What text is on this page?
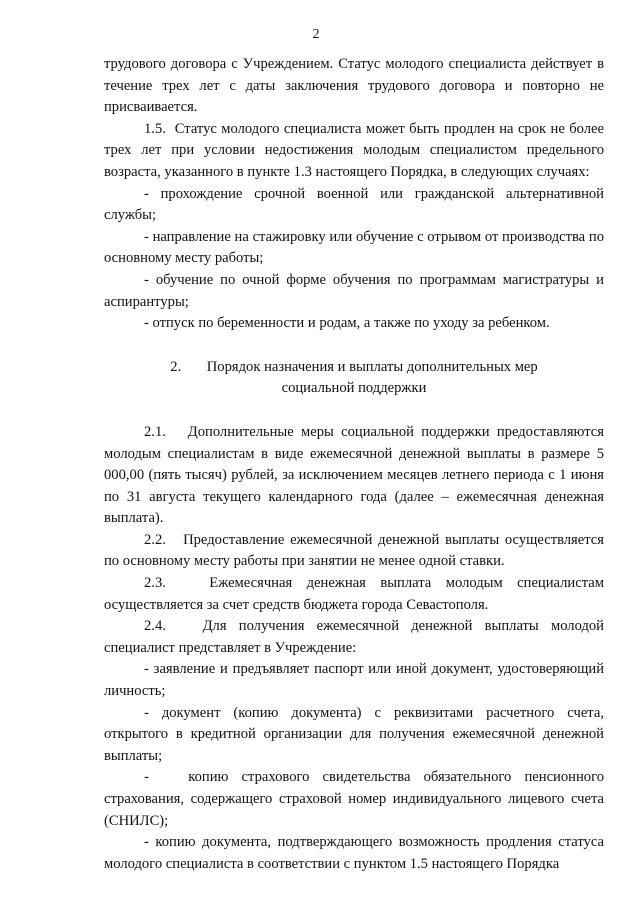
2

трудового договора с Учреждением. Статус молодого специалиста действует в течение трех лет с даты заключения трудового договора и повторно не присваивается.

1.5.  Статус молодого специалиста может быть продлен на срок не более трех лет при условии недостижения молодым специалистом предельного возраста, указанного в пункте 1.3 настоящего Порядка, в следующих случаях:

- прохождение срочной военной или гражданской альтернативной службы;

- направление на стажировку или обучение с отрывом от производства по основному месту работы;

- обучение по очной форме обучения по программам магистратуры и аспирантуры;

- отпуск по беременности и родам, а также по уходу за ребенком.

2.       Порядок назначения и выплаты дополнительных мер

социальной поддержки

2.1.   Дополнительные меры социальной поддержки предоставляются молодым специалистам в виде ежемесячной денежной выплаты в размере 5 000,00 (пять тысяч) рублей, за исключением месяцев летнего периода с 1 июня по 31 августа текущего календарного года (далее – ежемесячная денежная выплата).

2.2.   Предоставление ежемесячной денежной выплаты осуществляется по основному месту работы при занятии не менее одной ставки.

2.3.   Ежемесячная денежная выплата молодым специалистам осуществляется за счет средств бюджета города Севастополя.

2.4.   Для получения ежемесячной денежной выплаты молодой специалист представляет в Учреждение:

- заявление и предъявляет паспорт или иной документ, удостоверяющий личность;

- документ (копию документа) с реквизитами расчетного счета, открытого в кредитной организации для получения ежемесячной денежной выплаты;

-   копию страхового свидетельства обязательного пенсионного страхования, содержащего страховой номер индивидуального лицевого счета (СНИЛС);

- копию документа, подтверждающего возможность продления статуса молодого специалиста в соответствии с пунктом 1.5 настоящего Порядка
